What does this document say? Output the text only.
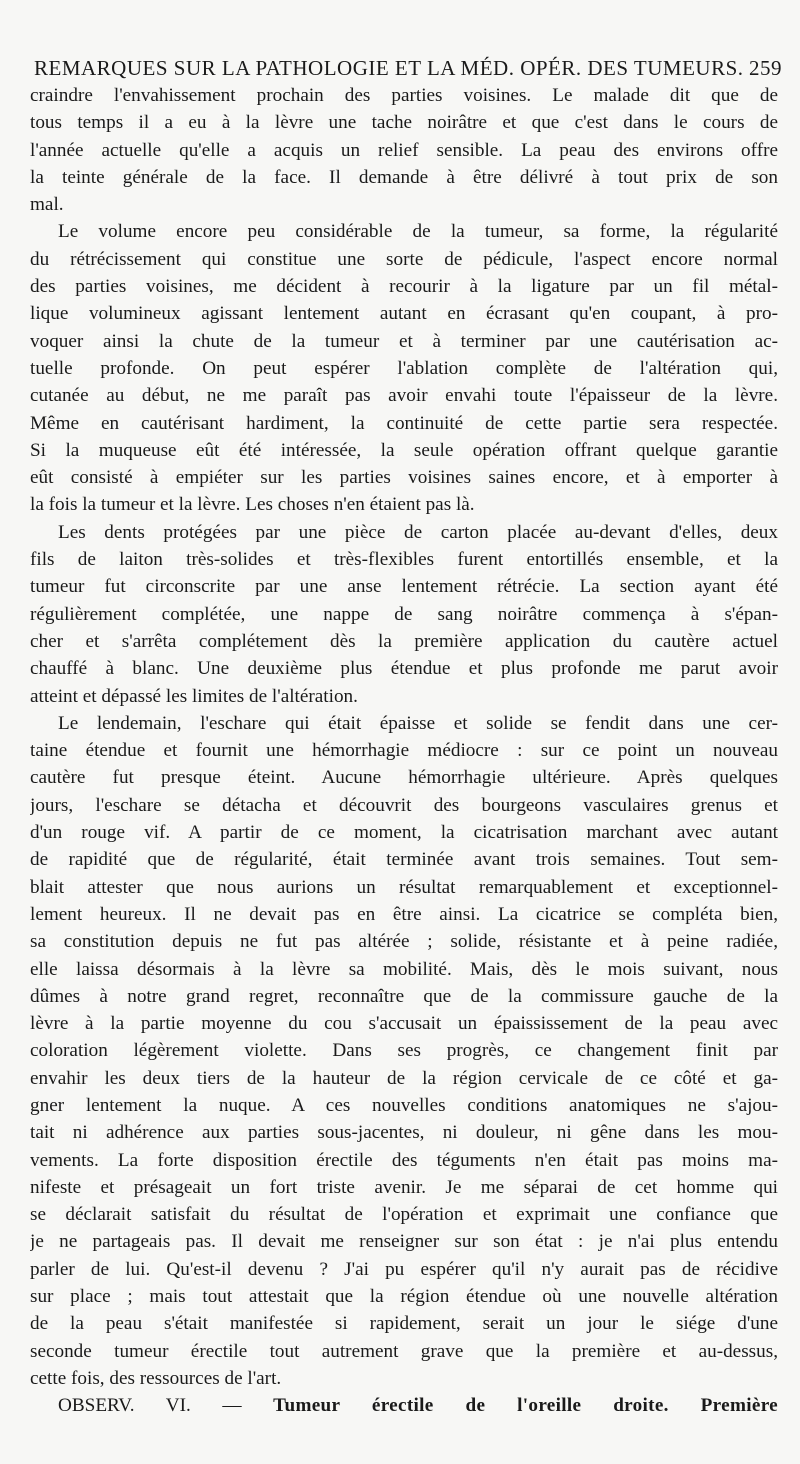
REMARQUES SUR LA PATHOLOGIE ET LA MÉD. OPÉR. DES TUMEURS. 259
craindre l'envahissement prochain des parties voisines. Le malade dit que de
tous temps il a eu à la lèvre une tache noirâtre et que c'est dans le cours de
l'année actuelle qu'elle a acquis un relief sensible. La peau des environs offre
la teinte générale de la face. Il demande à être délivré à tout prix de son
mal.
Le volume encore peu considérable de la tumeur, sa forme, la régularité
du rétrécissement qui constitue une sorte de pédicule, l'aspect encore normal
des parties voisines, me décident à recourir à la ligature par un fil métal-
lique volumineux agissant lentement autant en écrasant qu'en coupant, à pro-
voquer ainsi la chute de la tumeur et à terminer par une cautérisation ac-
tuelle profonde. On peut espérer l'ablation complète de l'altération qui,
cutanée au début, ne me paraît pas avoir envahi toute l'épaisseur de la lèvre.
Même en cautérisant hardiment, la continuité de cette partie sera respectée.
Si la muqueuse eût été intéressée, la seule opération offrant quelque garantie
eût consisté à empiéter sur les parties voisines saines encore, et à emporter à
la fois la tumeur et la lèvre. Les choses n'en étaient pas là.
Les dents protégées par une pièce de carton placée au-devant d'elles, deux
fils de laiton très-solides et très-flexibles furent entortillés ensemble, et la
tumeur fut circonscrite par une anse lentement rétrécie. La section ayant été
régulièrement complétée, une nappe de sang noirâtre commença à s'épan-
cher et s'arrêta complétement dès la première application du cautère actuel
chauffé à blanc. Une deuxième plus étendue et plus profonde me parut avoir
atteint et dépassé les limites de l'altération.
Le lendemain, l'eschare qui était épaisse et solide se fendit dans une cer-
taine étendue et fournit une hémorrhagie médiocre : sur ce point un nouveau
cautère fut presque éteint. Aucune hémorrhagie ultérieure. Après quelques
jours, l'eschare se détacha et découvrit des bourgeons vasculaires grenus et
d'un rouge vif. A partir de ce moment, la cicatrisation marchant avec autant
de rapidité que de régularité, était terminée avant trois semaines. Tout sem-
blait attester que nous aurions un résultat remarquablement et exceptionnel-
lement heureux. Il ne devait pas en être ainsi. La cicatrice se compléta bien,
sa constitution depuis ne fut pas altérée ; solide, résistante et à peine radiée,
elle laissa désormais à la lèvre sa mobilité. Mais, dès le mois suivant, nous
dûmes à notre grand regret, reconnaître que de la commissure gauche de la
lèvre à la partie moyenne du cou s'accusait un épaississement de la peau avec
coloration légèrement violette. Dans ses progrès, ce changement finit par
envahir les deux tiers de la hauteur de la région cervicale de ce côté et ga-
gner lentement la nuque. A ces nouvelles conditions anatomiques ne s'ajou-
tait ni adhérence aux parties sous-jacentes, ni douleur, ni gêne dans les mou-
vements. La forte disposition érectile des téguments n'en était pas moins ma-
nifeste et présageait un fort triste avenir. Je me séparai de cet homme qui
se déclarait satisfait du résultat de l'opération et exprimait une confiance que
je ne partageais pas. Il devait me renseigner sur son état : je n'ai plus entendu
parler de lui. Qu'est-il devenu ? J'ai pu espérer qu'il n'y aurait pas de récidive
sur place ; mais tout attestait que la région étendue où une nouvelle altération
de la peau s'était manifestée si rapidement, serait un jour le siége d'une
seconde tumeur érectile tout autrement grave que la première et au-dessus,
cette fois, des ressources de l'art.
OBSERV. VI. — Tumeur érectile de l'oreille droite. Première
